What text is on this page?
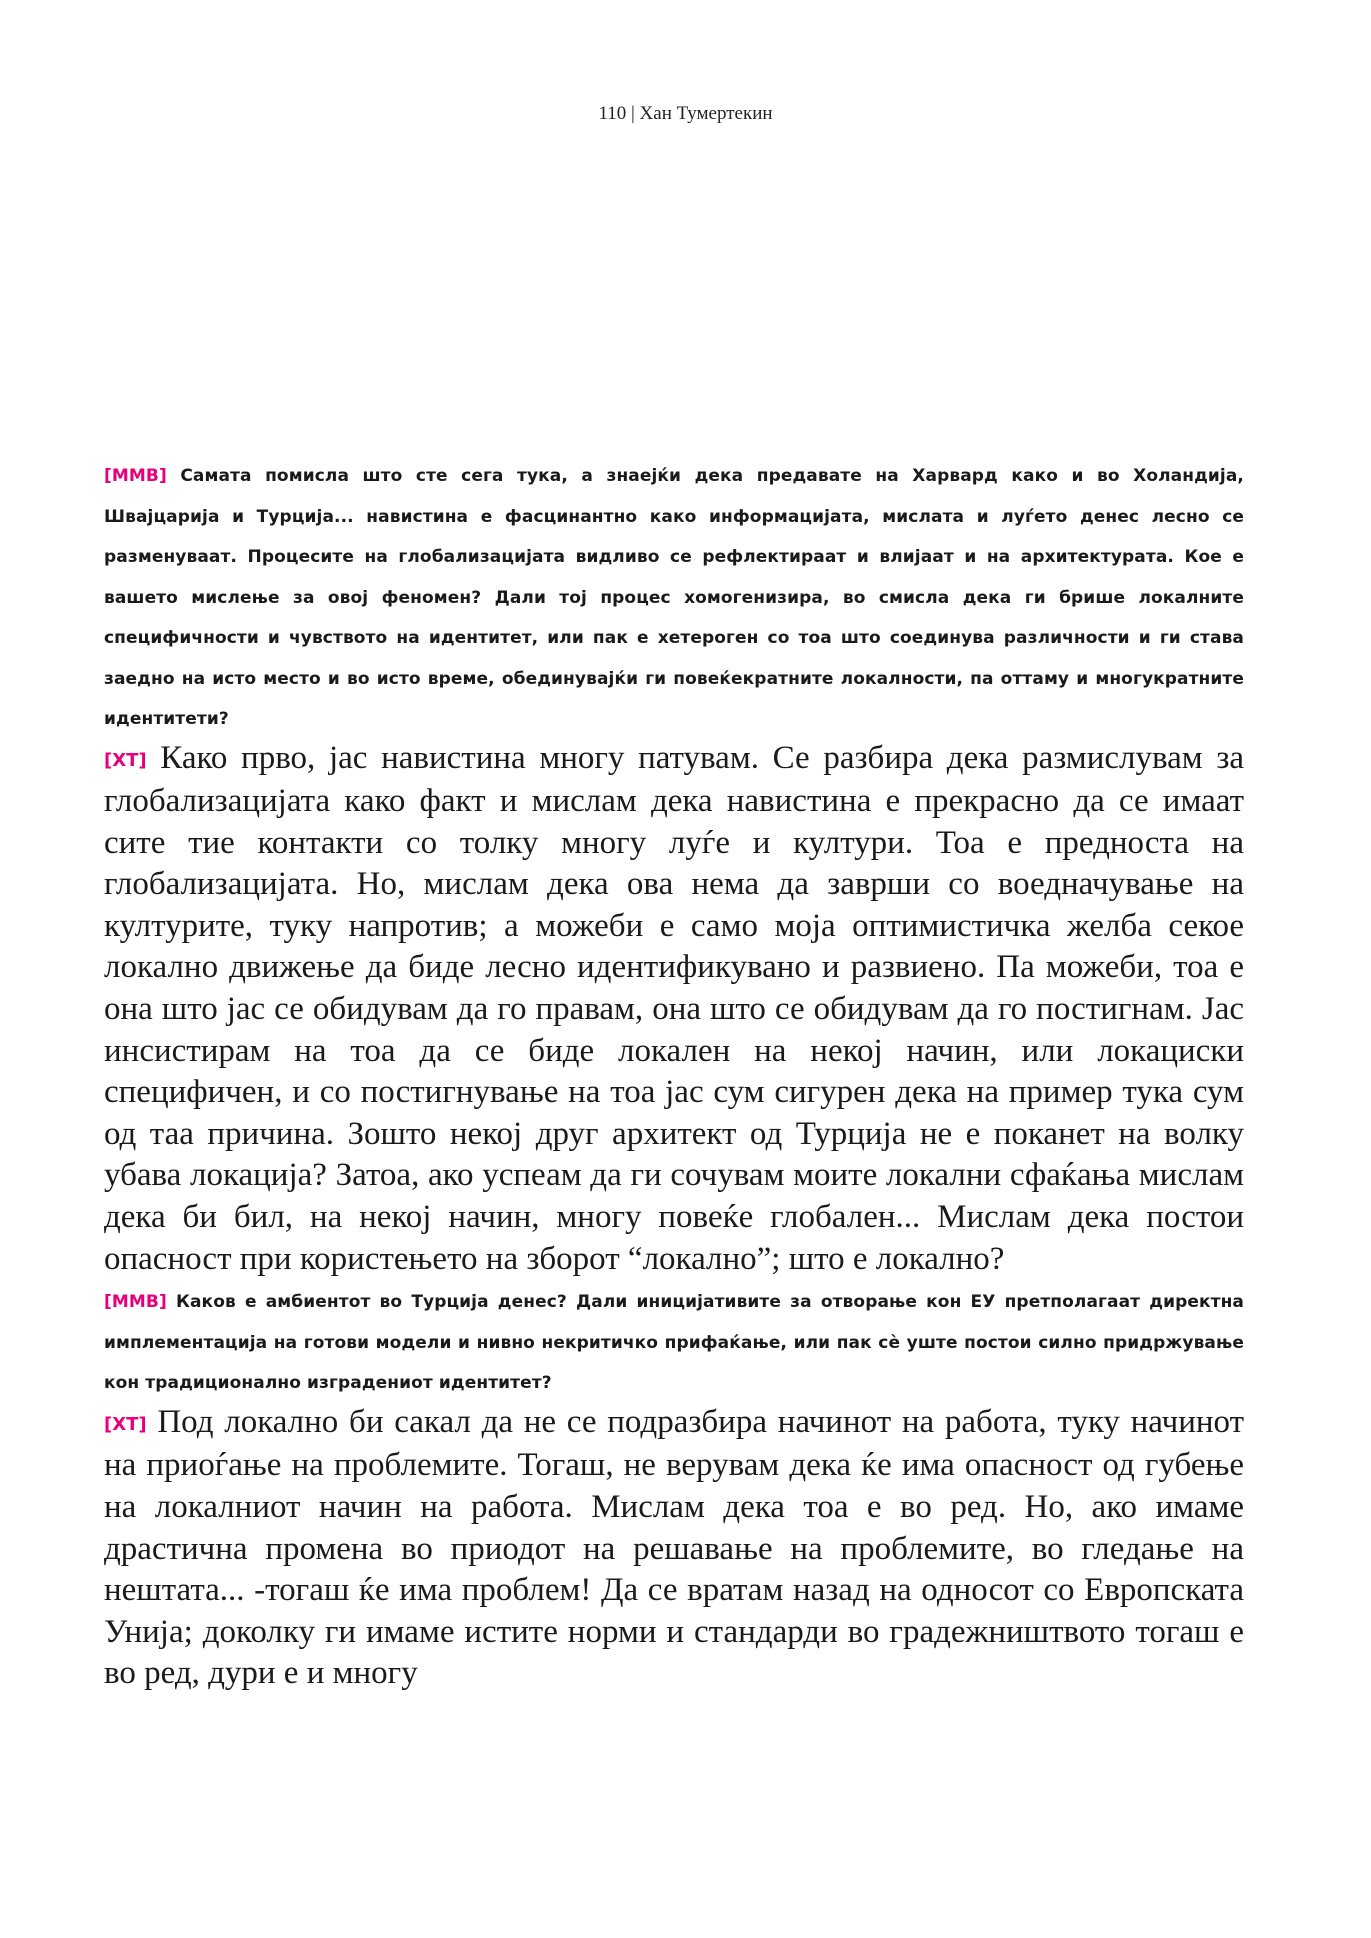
110 | Хан Тумертекин

[ММВ] Самата помисла што сте сега тука, а знаејќи дека предавате на Харвард како и во Холандија, Швајцарија и Турција... навистина е фасцинантно како информацијата, мислата и луѓето денес лесно се разменуваат. Процесите на глобализацијата видливо се рефлектираат и влијаат и на архитектурата. Кое е вашето мислење за овој феномен? Дали тој процес хомогенизира, во смисла дека ги брише локалните специфичности и чувството на идентитет, или пак е хетероген со тоа што соединува различности и ги става заедно на исто место и во исто време, обединувајќи ги повеќекратните локалности, па оттаму и многукратните идентитети?

[ХТ] Како прво, јас навистина многу патувам. Се разбира дека размислувам за глобализацијата како факт и мислам дека навистина е прекрасно да се имаат сите тие контакти со толку многу луѓе и култури. Тоа е предноста на глобализацијата. Но, мислам дека ова нема да заврши со воедначување на културите, туку напротив; а можеби е само моја оптимистичка желба секое локално движење да биде лесно идентификувано и развиено. Па можеби, тоа е она што јас се обидувам да го правам, она што се обидувам да го постигнам. Јас инсистирам на тоа да се биде локален на некој начин, или локациски специфичен, и со постигнување на тоа јас сум сигурен дека на пример тука сум од таа причина. Зошто некој друг архитект од Турција не е поканет на волку убава локација? Затоа, ако успеам да ги сочувам моите локални сфаќања мислам дека би бил, на некој начин, многу повеќе глобален... Мислам дека постои опасност при користењето на зборот “локално”; што е локално?

[ММВ] Каков е амбиентот во Турција денес? Дали иницијативите за отворање кон ЕУ претполагаат директна имплементација на готови модели и нивно некритичко прифаќање, или пак сè уште постои силно придржување кон традиционално изградениот идентитет?

[ХТ] Под локално би сакал да не се подразбира начинот на работа, туку начинот на приоѓање на проблемите. Тогаш, не верувам дека ќе има опасност од губење на локалниот начин на работа. Мислам дека тоа е во ред. Но, ако имаме драстична промена во приодот на решавање на проблемите, во гледање на нештата... -тогаш ќе има проблем! Да се вратам назад на односот со Европската Унија; доколку ги имаме истите норми и стандарди во градежништвото тогаш е во ред, дури е и многу
